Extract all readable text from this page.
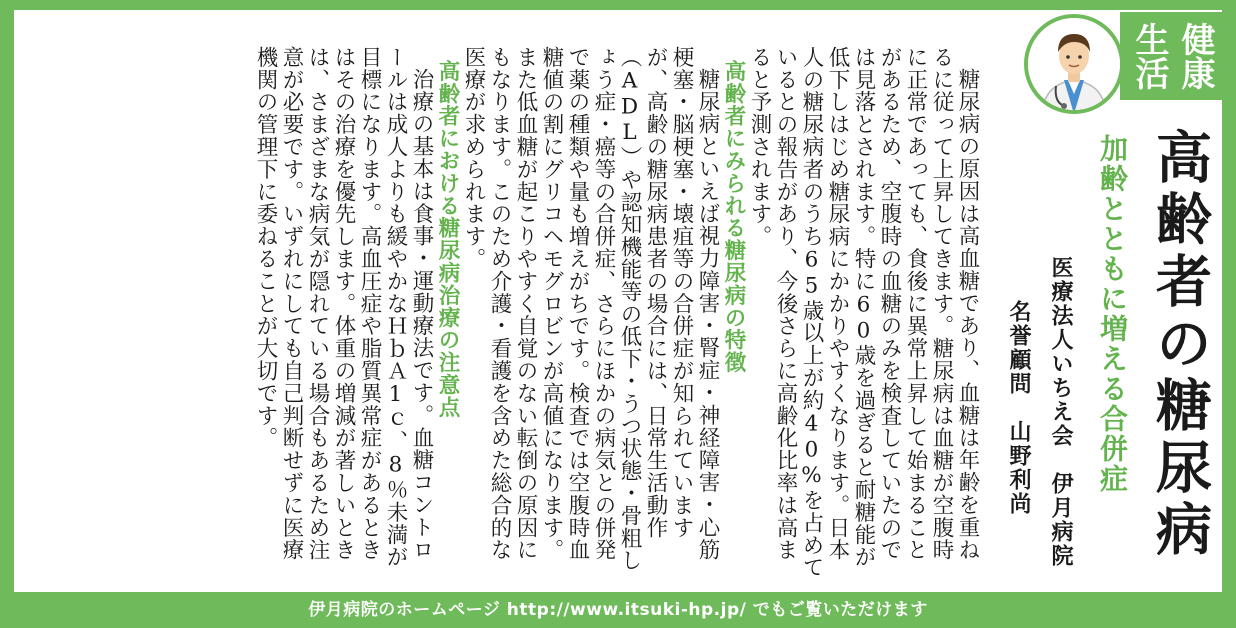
健康
生活
高齢者の糖尿病
加齢とともに増える合併症
医療法人いちえ会　伊月病院
名誉顧問　山野利尚

糖尿病の原因は高血糖であり、血糖は年齢を重ねるに従って上昇してきます。糖尿病は血糖が空腹時に正常であっても、食後に異常上昇して始まることがあるため、空腹時の血糖のみを検査していたのでは見落とされます。特に60歳を過ぎると耐糖能が低下しはじめ糖尿病にかかりやすくなります。日本人の糖尿病者のうち65歳以上が約40%を占めているとの報告があり、今後さらに高齢化比率は高まると予測されます。

高齢者にみられる糖尿病の特徴

糖尿病といえば視力障害・腎症・神経障害・心筋梗塞・脳梗塞・壊疽等の合併症が知られていますが、高齢の糖尿病患者の場合には、日常生活動作（ADL）や認知機能等の低下・うつ状態・骨粗しょう症・癌等の合併症、さらにほかの病気との併発で薬の種類や量も増えがちです。検査では空腹時血糖値の割にグリコヘモグロビンが高値になります。また低血糖が起こりやすく自覚のない転倒の原因にもなります。このため介護・看護を含めた総合的な医療が求められます。

高齢者における糖尿病治療の注意点

治療の基本は食事・運動療法です。血糖コントロールは成人よりも緩やかなＨｂＡ1ｃ、8％未満が目標になります。高血圧症や脂質異常症があるときはその治療を優先します。体重の増減が著しいときは、さまざまな病気が隠れている場合もあるため注意が必要です。いずれにしても自己判断せずに医療機関の管理下に委ねることが大切です。

伊月病院のホームページ http://www.itsuki-hp.jp/ でもご覧いただけます
